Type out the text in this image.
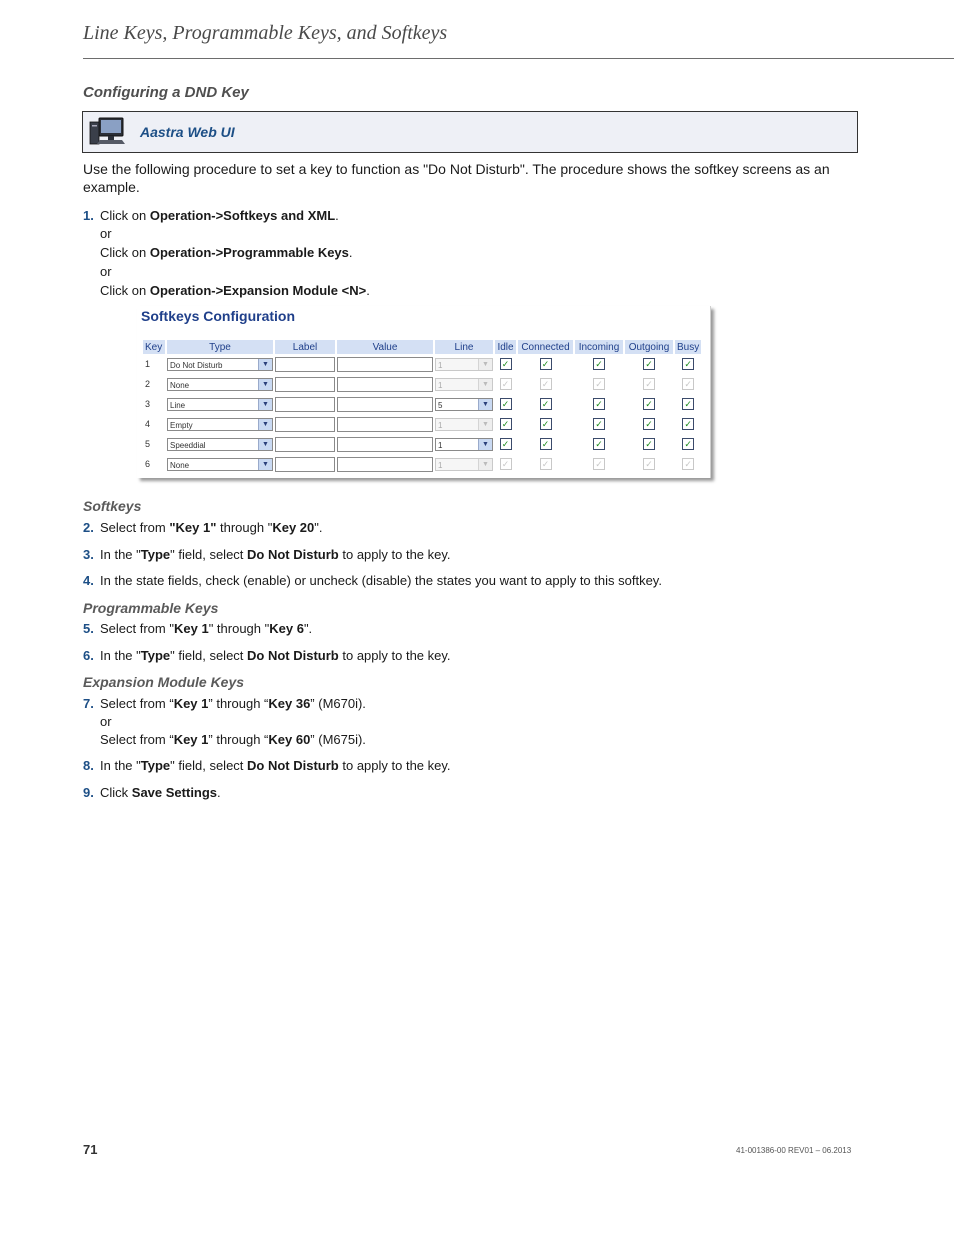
Line Keys, Programmable Keys, and Softkeys
Configuring a DND Key
Aastra Web UI
Use the following procedure to set a key to function as "Do Not Disturb". The procedure shows the softkey screens as an example.
1. Click on Operation->Softkeys and XML.
or
Click on Operation->Programmable Keys.
or
Click on Operation->Expansion Module <N>.
Softkeys Configuration
Key	Type	Label	Value	Line	Idle	Connected	Incoming	Outgoing	Busy
1	Do Not Disturb ▼			1 ▼	✓	✓	✓	✓	✓

2	None ▼			1 ▼	✓	✓	✓	✓	✓

3	Line ▼			5 ▼	✓	✓	✓	✓	✓

4	Empty ▼			1 ▼	✓	✓	✓	✓	✓

5	Speeddial ▼			1 ▼	✓	✓	✓	✓	✓

6	None ▼			1 ▼	✓	✓	✓	✓	✓
Softkeys
2. Select from "Key 1" through "Key 20".
3. In the "Type" field, select Do Not Disturb to apply to the key.
4. In the state fields, check (enable) or uncheck (disable) the states you want to apply to this softkey.
Programmable Keys
5. Select from "Key 1" through "Key 6".
6. In the "Type" field, select Do Not Disturb to apply to the key.
Expansion Module Keys
7. Select from “Key 1” through “Key 36” (M670i).
or
Select from “Key 1” through “Key 60” (M675i).
8. In the "Type" field, select Do Not Disturb to apply to the key.
9. Click Save Settings.
71	41-001386-00 REV01 – 06.2013
